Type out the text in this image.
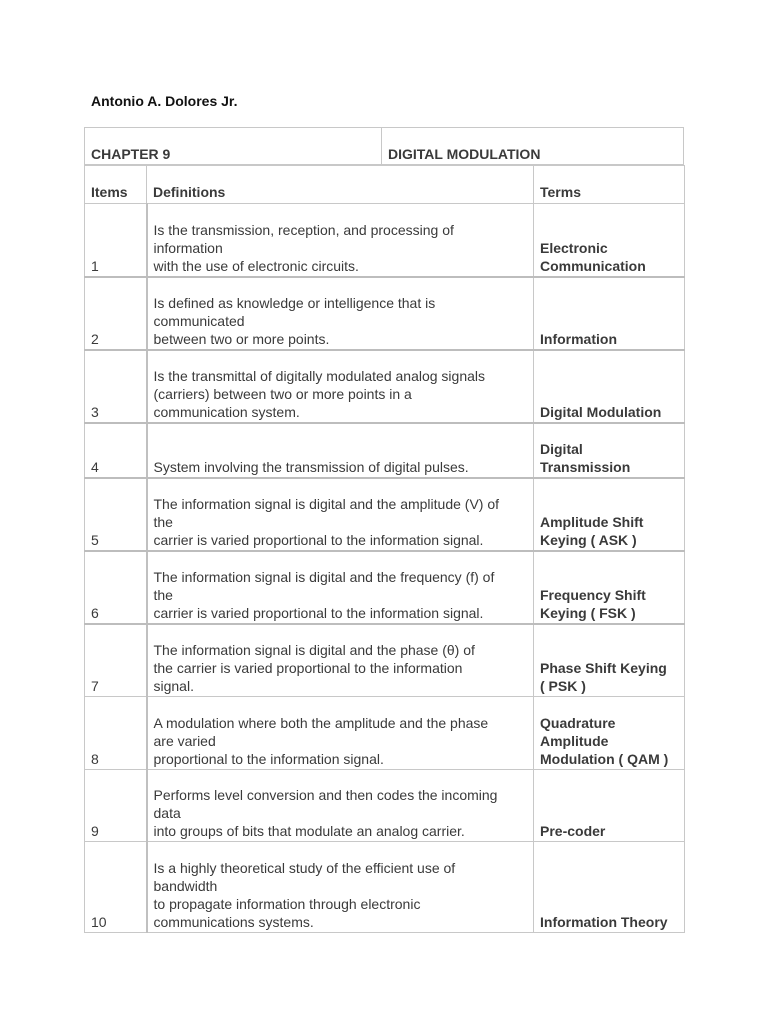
Antonio A. Dolores Jr.
CHAPTER 9	DIGITAL MODULATION
Items	Definitions	Terms
1	Is the transmission, reception, and processing of
information
with the use of electronic circuits.	Electronic
Communication

2	Is defined as knowledge or intelligence that is
communicated
between two or more points.	Information

3	Is the transmittal of digitally modulated analog signals
(carriers) between two or more points in a
communication system.	Digital Modulation

4	System involving the transmission of digital pulses.	Digital
Transmission

5	The information signal is digital and the amplitude (V) of
the
carrier is varied proportional to the information signal.	Amplitude Shift
Keying ( ASK )

6	The information signal is digital and the frequency (f) of
the
carrier is varied proportional to the information signal.	Frequency Shift
Keying ( FSK )

7	The information signal is digital and the phase (θ) of
the carrier is varied proportional to the information
signal.	Phase Shift Keying
( PSK )

8	A modulation where both the amplitude and the phase
are varied
proportional to the information signal.	Quadrature
Amplitude
Modulation ( QAM )

9	Performs level conversion and then codes the incoming
data
into groups of bits that modulate an analog carrier.	Pre-coder

10	Is a highly theoretical study of the efficient use of
bandwidth
to propagate information through electronic
communications systems.	Information Theory
